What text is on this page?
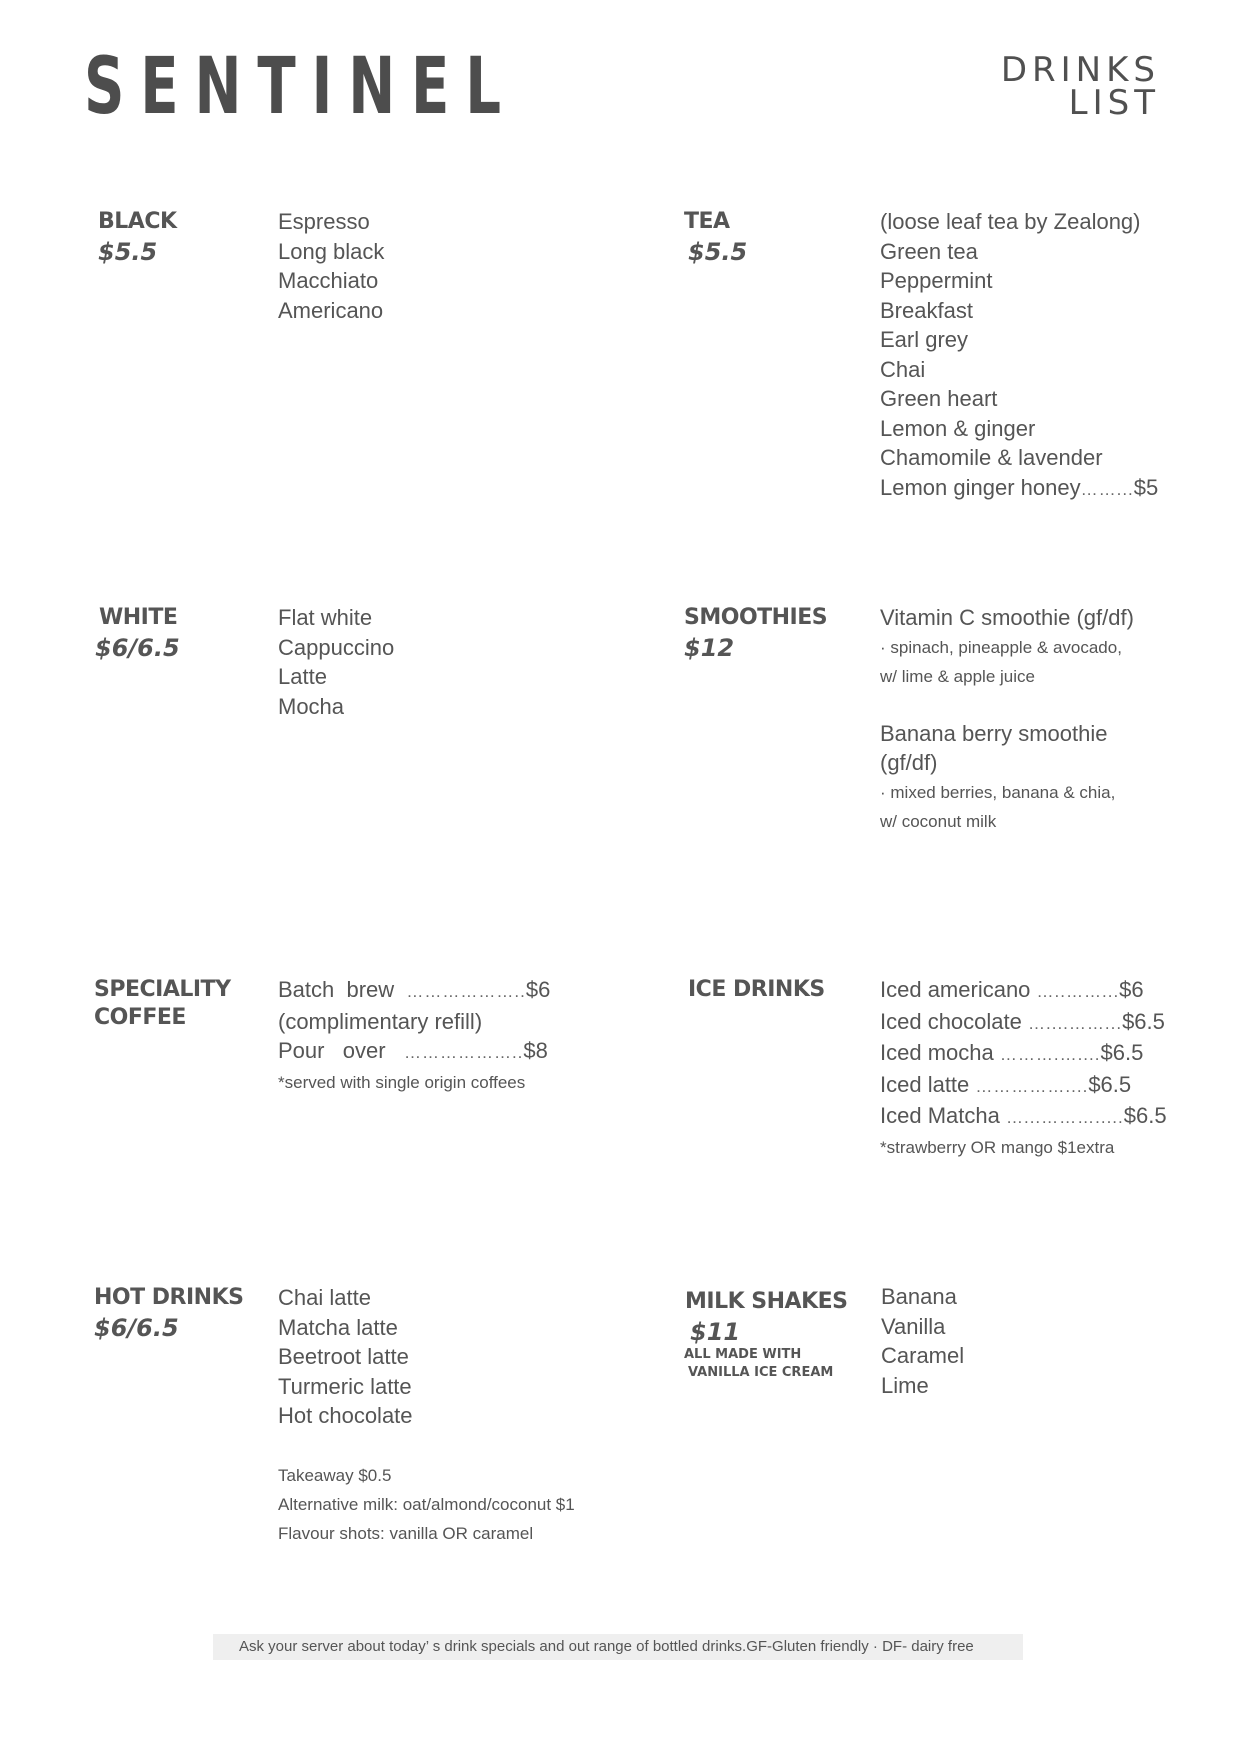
SENTINEL	DRINKS
LIST
BLACK
$5.5
Espresso
Long black
Macchiato
Americano
TEA
$5.5
(loose leaf tea by Zealong)
Green tea
Peppermint
Breakfast
Earl grey
Chai
Green heart
Lemon & ginger
Chamomile & lavender
Lemon ginger honey……...$5
WHITE
$6/6.5
Flat white
Cappuccino
Latte
Mocha
SMOOTHIES
$12
Vitamin C smoothie (gf/df)
· spinach, pineapple & avocado,
w/ lime & apple juice
Banana berry smoothie
(gf/df)
· mixed berries, banana & chia,
w/ coconut milk
SPECIALITY
COFFEE
Batch  brew ………………..$6
(complimentary refill)
Pour   over ………………..$8
*served with single origin coffees
ICE DRINKS	Iced americano …..……...$6
Iced chocolate …....……...$6.5
Iced mocha ……….…....$6.5
Iced latte ……………....$6.5
Iced Matcha …...……….....$6.5
*strawberry OR mango $1extra
HOT DRINKS
$6/6.5
Chai latte
Matcha latte
Beetroot latte
Turmeric latte
Hot chocolate
Takeaway $0.5
Alternative milk: oat/almond/coconut $1
Flavour shots: vanilla OR caramel
MILK SHAKES
$11
ALL MADE WITH
VANILLA ICE CREAM
Banana
Vanilla
Caramel
Lime
Ask your server about today’ s drink specials and out range of bottled drinks.GF-Gluten friendly · DF- dairy free
